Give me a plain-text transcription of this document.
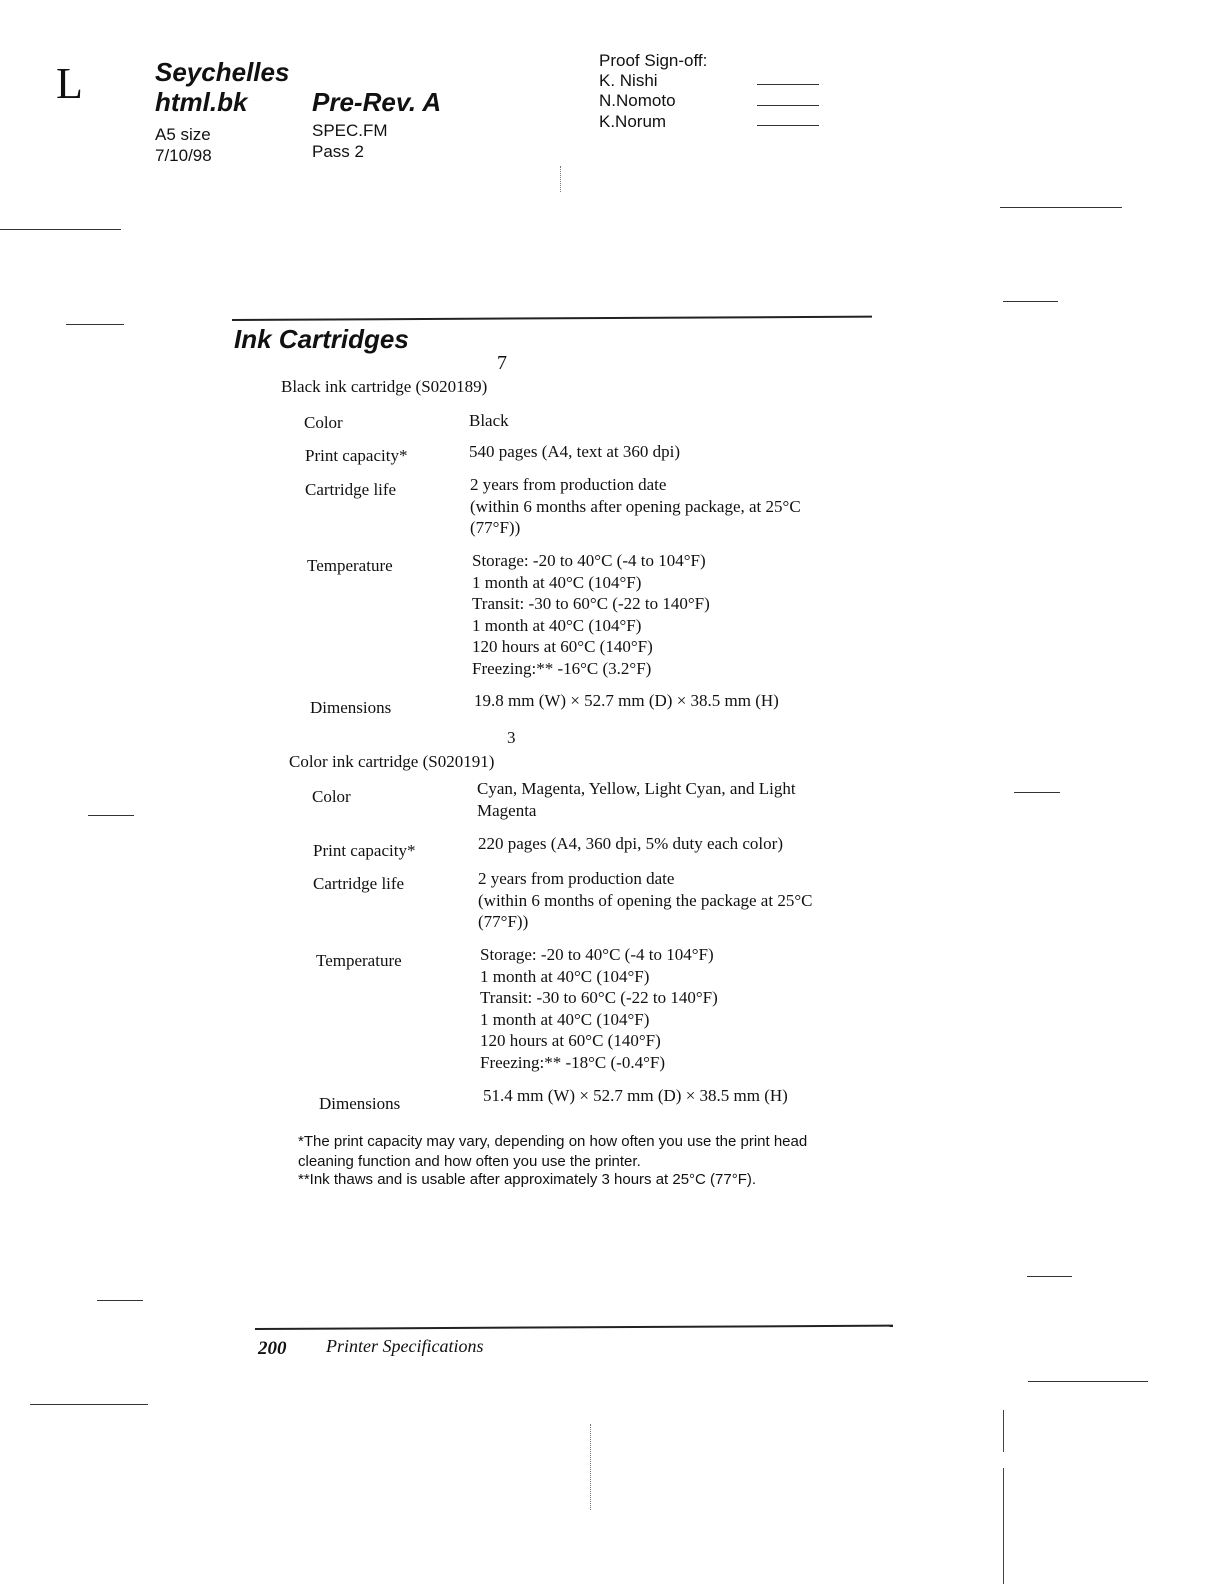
L	Seychelles
html.bk
A5 size
7/10/98
Pre-Rev. A
SPEC.FM
Pass 2
Proof Sign-off:
K. Nishi
N.Nomoto
K.Norum
Ink Cartridges
7
Black ink cartridge (S020189)
Color	Black
Print capacity*	540 pages (A4, text at 360 dpi)
Cartridge life	2 years from production date
(within 6 months after opening package, at 25°C
(77°F))
Temperature	Storage: -20 to 40°C (-4 to 104°F)
1 month at 40°C (104°F)
Transit: -30 to 60°C (-22 to 140°F)
1 month at 40°C (104°F)
120 hours at 60°C (140°F)
Freezing:** -16°C (3.2°F)
Dimensions	19.8 mm (W) × 52.7 mm (D) × 38.5 mm (H)
3
Color ink cartridge (S020191)
Color	Cyan, Magenta, Yellow, Light Cyan, and Light
Magenta
Print capacity*	220 pages (A4, 360 dpi, 5% duty each color)
Cartridge life	2 years from production date
(within 6 months of opening the package at 25°C
(77°F))
Temperature	Storage: -20 to 40°C (-4 to 104°F)
1 month at 40°C (104°F)
Transit: -30 to 60°C (-22 to 140°F)
1 month at 40°C (104°F)
120 hours at 60°C (140°F)
Freezing:** -18°C (-0.4°F)
Dimensions	51.4 mm (W) × 52.7 mm (D) × 38.5 mm (H)
*The print capacity may vary, depending on how often you use the print head
cleaning function and how often you use the printer.
**Ink thaws and is usable after approximately 3 hours at 25°C (77°F).
200 Printer Specifications
